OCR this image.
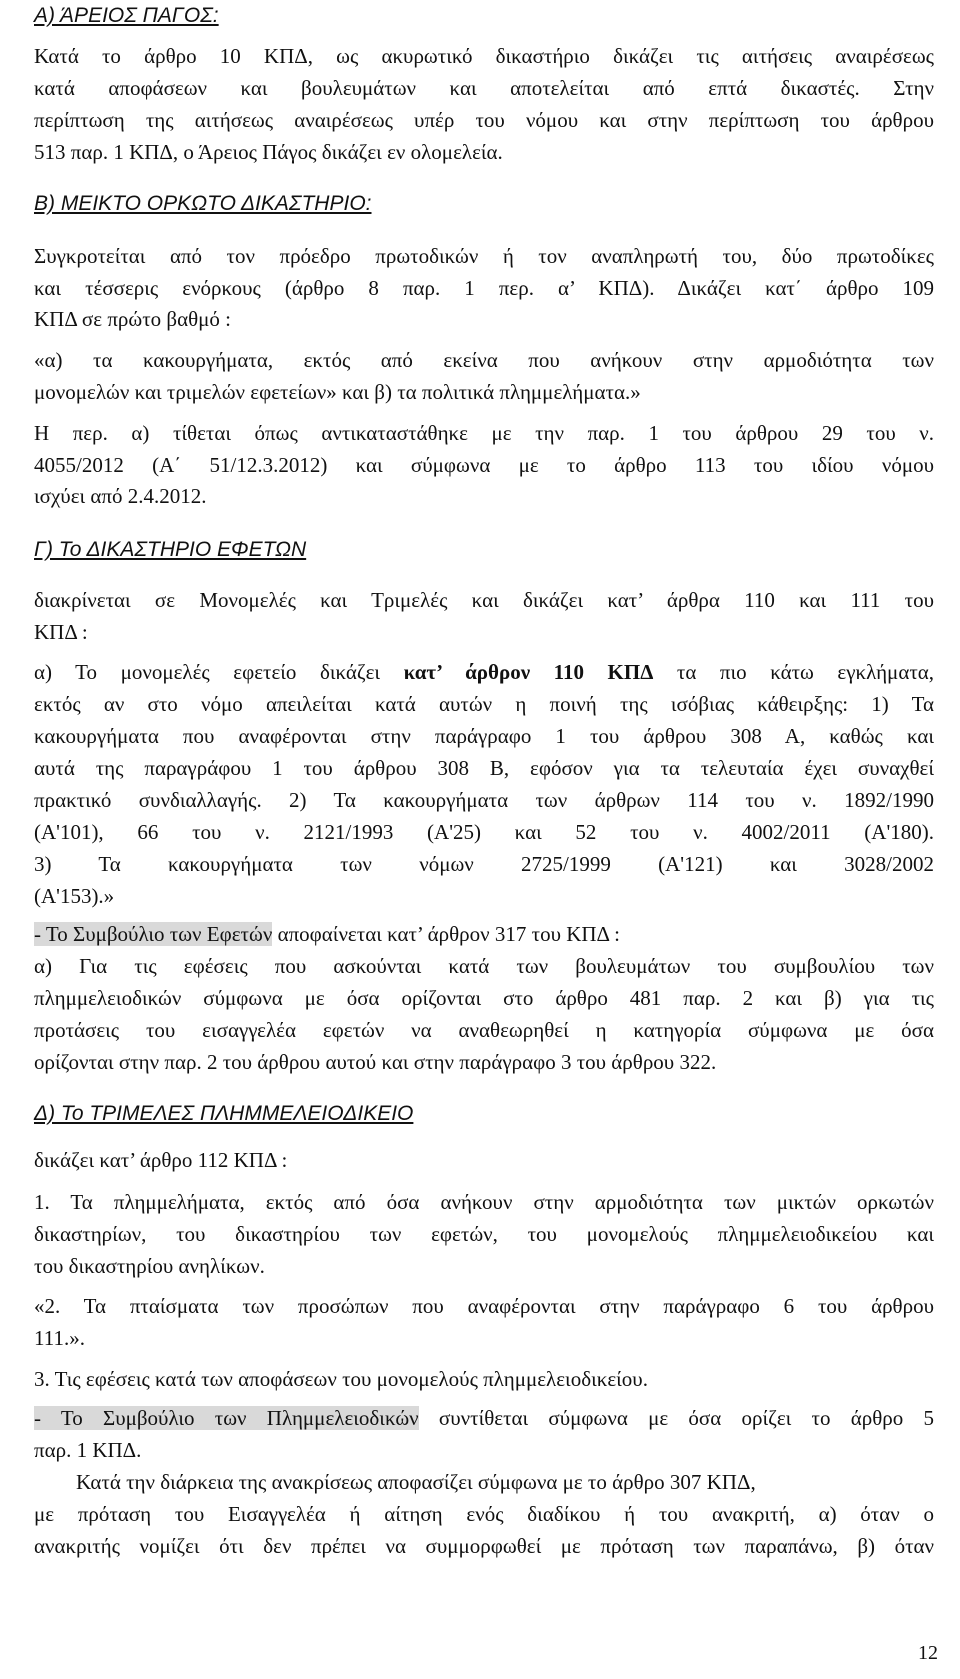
Α) ΆΡΕΙΟΣ ΠΑΓΟΣ:
Κατά το άρθρο 10 ΚΠΔ, ως ακυρωτικό δικαστήριο δικάζει τις αιτήσεις αναιρέσεως
κατά αποφάσεων και βουλευμάτων και αποτελείται από επτά δικαστές. Στην
περίπτωση της αιτήσεως αναιρέσεως υπέρ του νόμου και στην περίπτωση του άρθρου
513 παρ. 1 ΚΠΔ, ο Άρειος Πάγος δικάζει εν ολομελεία.
Β) ΜΕΙΚΤΟ ΟΡΚΩΤΟ ΔΙΚΑΣΤΗΡΙΟ:
Συγκροτείται από τον πρόεδρο πρωτοδικών ή τον αναπληρωτή του, δύο πρωτοδίκες
και τέσσερις ενόρκους (άρθρο 8 παρ. 1 περ. α’ ΚΠΔ). Δικάζει κατ΄ άρθρο 109
ΚΠΔ σε πρώτο βαθμό :
«α) τα κακουργήματα, εκτός από εκείνα που ανήκουν στην αρμοδιότητα των
μονομελών και τριμελών εφετείων» και β) τα πολιτικά πλημμελήματα.»
Η περ. α) τίθεται όπως αντικαταστάθηκε με την παρ. 1 του άρθρου 29 του ν.
4055/2012 (Α΄ 51/12.3.2012) και σύμφωνα με το άρθρο 113 του ιδίου νόμου
ισχύει από 2.4.2012.
Γ) Το ΔΙΚΑΣΤΗΡΙΟ ΕΦΕΤΩΝ
διακρίνεται σε Μονομελές και Τριμελές και δικάζει κατ’ άρθρα 110 και 111 του
ΚΠΔ :
α) Το μονομελές εφετείο δικάζει κατ’ άρθρον 110 ΚΠΔ τα πιο κάτω εγκλήματα,
εκτός αν στο νόμο απειλείται κατά αυτών η ποινή της ισόβιας κάθειρξης: 1) Τα
κακουργήματα που αναφέρονται στην παράγραφο 1 του άρθρου 308 Α, καθώς και
αυτά της παραγράφου 1 του άρθρου 308 Β, εφόσον για τα τελευταία έχει συναχθεί
πρακτικό συνδιαλλαγής. 2) Τα κακουργήματα των άρθρων 114 του ν. 1892/1990
(Α'101), 66 του ν. 2121/1993 (Α'25) και 52 του ν. 4002/2011 (Α'180).
3) Τα κακουργήματα των νόμων 2725/1999 (Α'121) και 3028/2002
(Α'153).»
- Το Συμβούλιο των Εφετών αποφαίνεται κατ’ άρθρον 317 του ΚΠΔ :
α) Για τις εφέσεις που ασκούνται κατά των βουλευμάτων του συμβουλίου των
πλημμελειοδικών σύμφωνα με όσα ορίζονται στο άρθρο 481 παρ. 2 και β) για τις
προτάσεις του εισαγγελέα εφετών να αναθεωρηθεί η κατηγορία σύμφωνα με όσα
ορίζονται στην παρ. 2 του άρθρου αυτού και στην παράγραφο 3 του άρθρου 322.
Δ) Το ΤΡΙΜΕΛΕΣ ΠΛΗΜΜΕΛΕΙΟΔΙΚΕΙΟ
δικάζει κατ’ άρθρο 112 ΚΠΔ :
1. Τα πλημμελήματα, εκτός από όσα ανήκουν στην αρμοδιότητα των μικτών ορκωτών
δικαστηρίων, του δικαστηρίου των εφετών, του μονομελούς πλημμελειοδικείου και
του δικαστηρίου ανηλίκων.
«2. Τα πταίσματα των προσώπων που αναφέρονται στην παράγραφο 6 του άρθρου
111.».
3. Τις εφέσεις κατά των αποφάσεων του μονομελούς πλημμελειοδικείου.
- Το Συμβούλιο των Πλημμελειοδικών συντίθεται σύμφωνα με όσα ορίζει το άρθρο 5
παρ. 1 ΚΠΔ.
Κατά την διάρκεια της ανακρίσεως αποφασίζει σύμφωνα με το άρθρο 307 ΚΠΔ,
με πρόταση του Εισαγγελέα ή αίτηση ενός διαδίκου ή του ανακριτή, α) όταν ο
ανακριτής νομίζει ότι δεν πρέπει να συμμορφωθεί με πρόταση των παραπάνω, β) όταν
12
